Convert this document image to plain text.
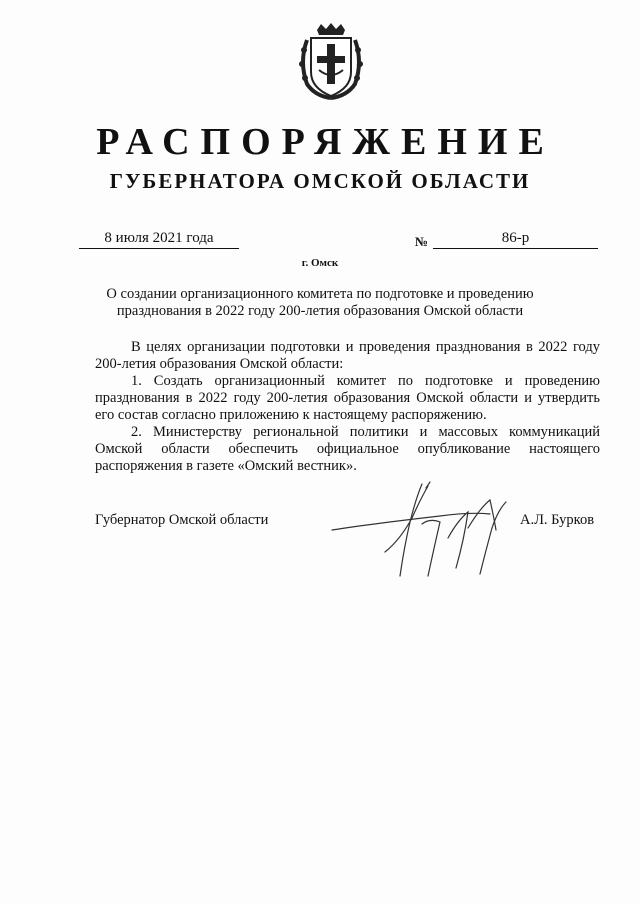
РАСПОРЯЖЕНИЕ
ГУБЕРНАТОРА ОМСКОЙ ОБЛАСТИ
8 июля 2021 года	№	86-р
г. Омск
О создании организационного комитета по подготовке и проведению празднования в 2022 году 200-летия образования Омской области

В целях организации подготовки и проведения празднования в 2022 году 200-летия образования Омской области:

1. Создать организационный комитет по подготовке и проведению празднования в 2022 году 200-летия образования Омской области и утвердить его состав согласно приложению к настоящему распоряжению.

2. Министерству региональной политики и массовых коммуникаций Омской области обеспечить официальное опубликование настоящего распоряжения в газете «Омский вестник».

Губернатор Омской области	А.Л. Бурков
